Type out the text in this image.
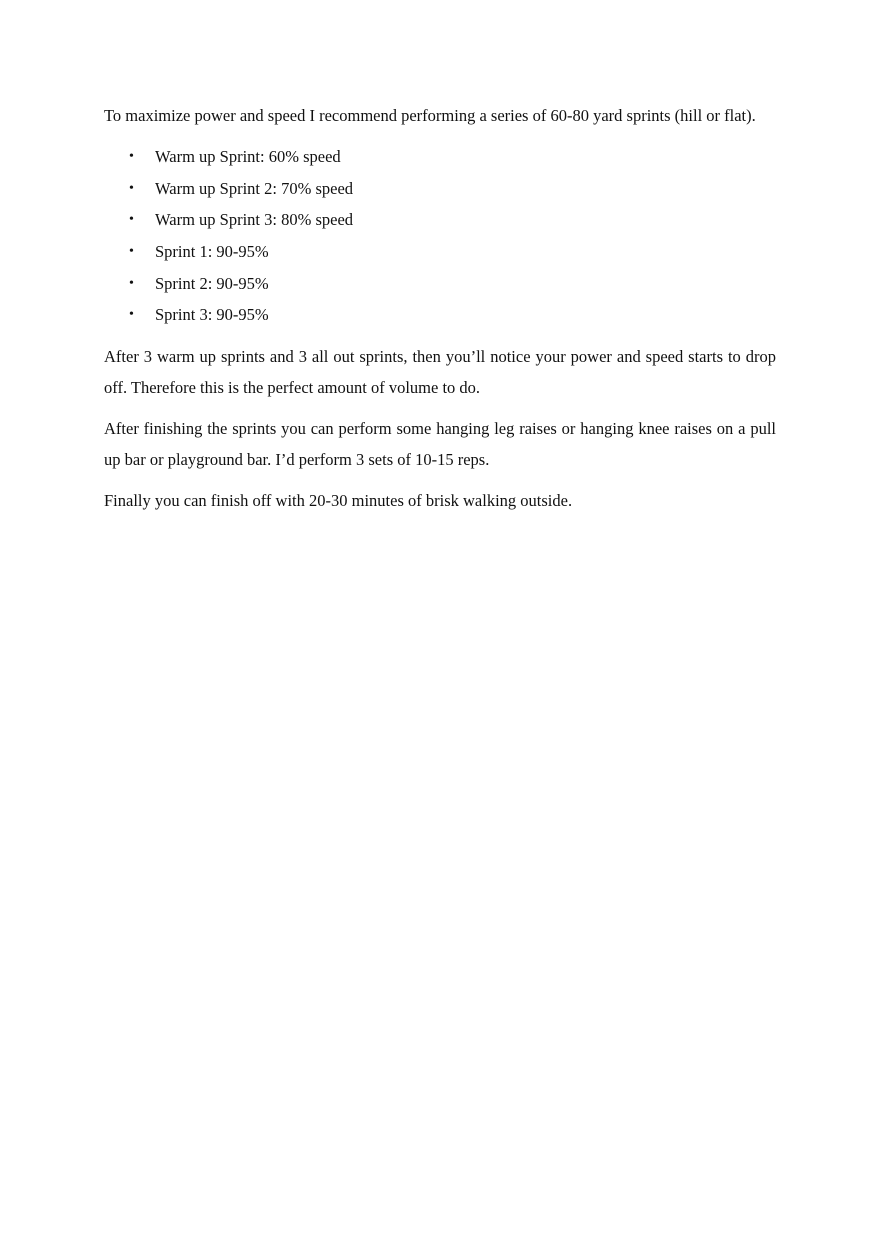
To maximize power and speed I recommend performing a series of 60-80 yard sprints (hill or flat).

•	Warm up Sprint: 60% speed
•	Warm up Sprint 2: 70% speed
•	Warm up Sprint 3: 80% speed
•	Sprint 1: 90-95%
•	Sprint 2: 90-95%
•	Sprint 3: 90-95%

After 3 warm up sprints and 3 all out sprints, then you’ll notice your power and speed starts to drop off. Therefore this is the perfect amount of volume to do.

After finishing the sprints you can perform some hanging leg raises or hanging knee raises on a pull up bar or playground bar. I’d perform 3 sets of 10-15 reps.

Finally you can finish off with 20-30 minutes of brisk walking outside.
